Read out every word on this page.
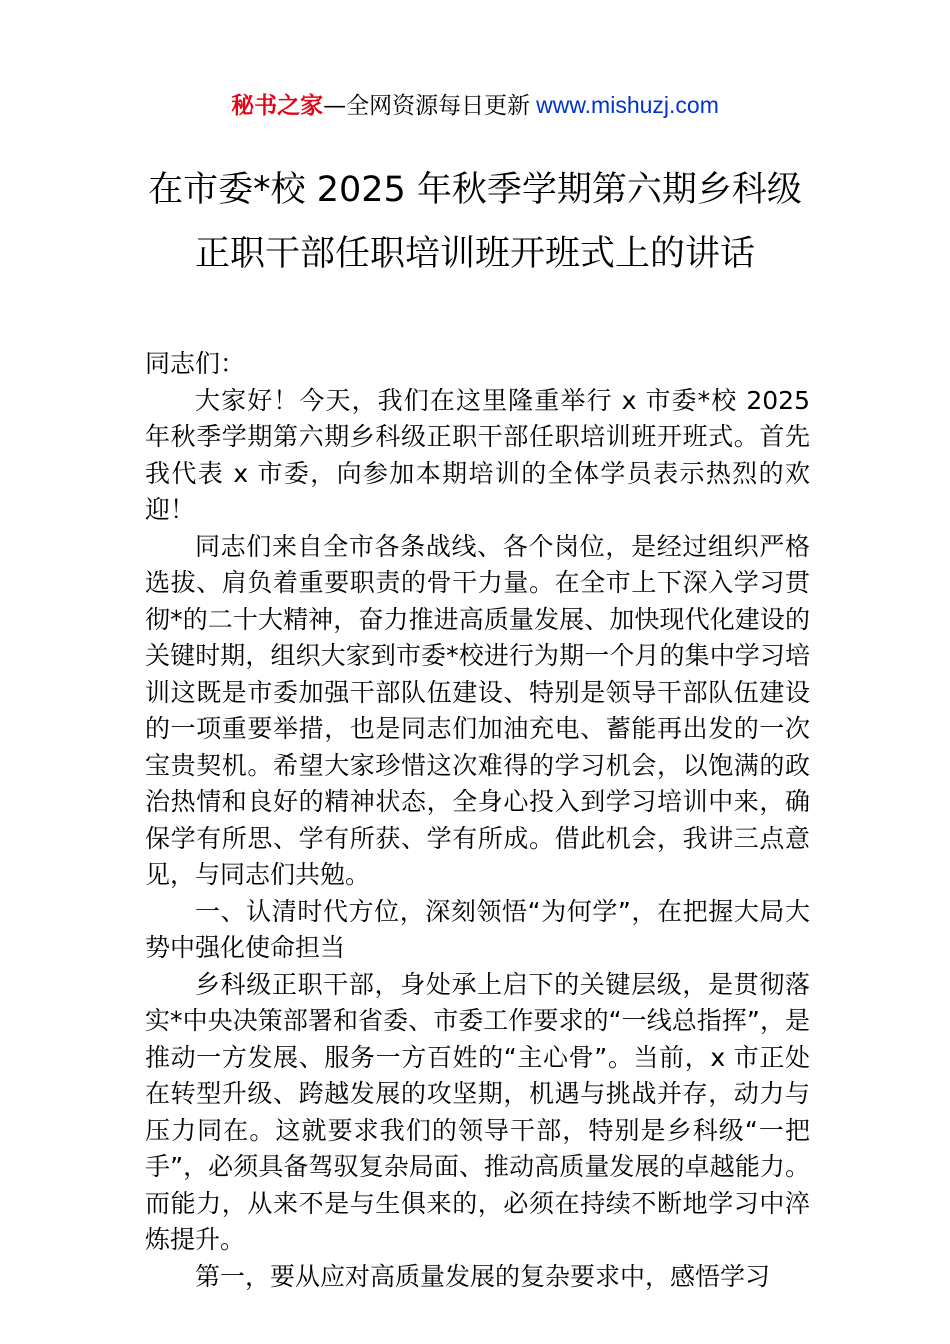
秘书之家—全网资源每日更新 www.mishuzj.com
在市委*校 2025 年秋季学期第六期乡科级
正职干部任职培训班开班式上的讲话

同志们：

大家好！今天，我们在这里隆重举行 x 市委*校 2025 年秋季学期第六期乡科级正职干部任职培训班开班式。首先我代表 x 市委，向参加本期培训的全体学员表示热烈的欢迎！

同志们来自全市各条战线、各个岗位，是经过组织严格选拔、肩负着重要职责的骨干力量。在全市上下深入学习贯彻*的二十大精神，奋力推进高质量发展、加快现代化建设的关键时期，组织大家到市委*校进行为期一个月的集中学习培训这既是市委加强干部队伍建设、特别是领导干部队伍建设的一项重要举措，也是同志们加油充电、蓄能再出发的一次宝贵契机。希望大家珍惜这次难得的学习机会，以饱满的政治热情和良好的精神状态，全身心投入到学习培训中来，确保学有所思、学有所获、学有所成。借此机会，我讲三点意见，与同志们共勉。

一、认清时代方位，深刻领悟“为何学”，在把握大局大势中强化使命担当

乡科级正职干部，身处承上启下的关键层级，是贯彻落实*中央决策部署和省委、市委工作要求的“一线总指挥”，是推动一方发展、服务一方百姓的“主心骨”。当前，x 市正处在转型升级、跨越发展的攻坚期，机遇与挑战并存，动力与压力同在。这就要求我们的领导干部，特别是乡科级“一把手”，必须具备驾驭复杂局面、推动高质量发展的卓越能力。而能力，从来不是与生俱来的，必须在持续不断地学习中淬炼提升。

第一，要从应对高质量发展的复杂要求中，感悟学习
